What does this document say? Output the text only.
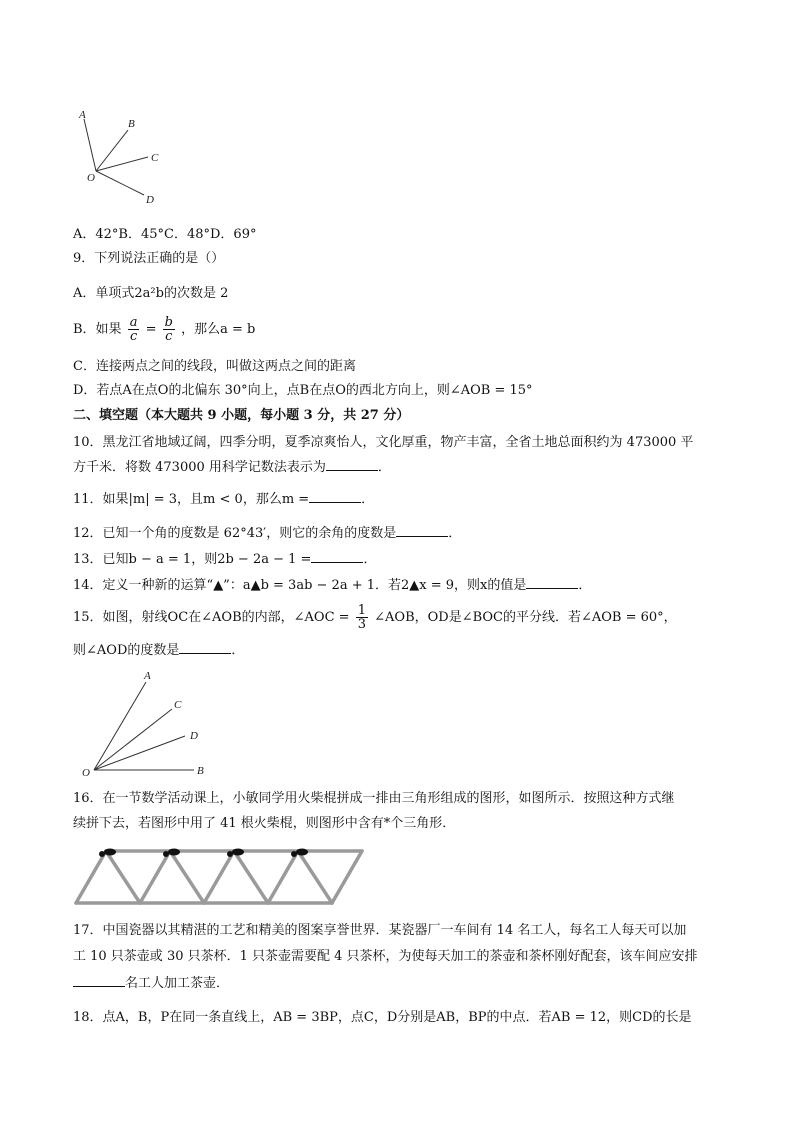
A
B
C
O
D
A．42°B．45°C．48°D．69°
9．下列说法正确的是（）
A．单项式2a²b的次数是 2
B．如果 $\frac{a}{c} = \frac{b}{c}$ ，那么a = b
C．连接两点之间的线段，叫做这两点之间的距离
D．若点A在点O的北偏东 30°向上，点B在点O的西北方向上，则∠AOB = 15°
二、填空题（本大题共 9 小题，每小题 3 分，共 27 分）
10．黑龙江省地域辽阔，四季分明，夏季凉爽怡人，文化厚重，物产丰富，全省土地总面积约为 473000 平
方千米．将数 473000 用科学记数法表示为	．
11．如果|m| = 3，且m < 0，那么m =	．
12．已知一个角的度数是 62°43′，则它的余角的度数是	．
13．已知b − a = 1，则2b − 2a − 1 =	．
14．定义一种新的运算“▲”：a▲b = 3ab − 2a + 1．若2▲x = 9，则x的值是	．
15．如图，射线OC在∠AOB的内部，∠AOC = $\frac{1}{3}$ ∠AOB，OD是∠BOC的平分线．若∠AOB = 60°，
则∠AOD的度数是	．
A
C
D
O	B
16．在一节数学活动课上，小敏同学用火柴棍拼成一排由三角形组成的图形，如图所示．按照这种方式继
续拼下去，若图形中用了 41 根火柴棍，则图形中含有*个三角形．
17．中国瓷器以其精湛的工艺和精美的图案享誉世界．某瓷器厂一车间有 14 名工人，每名工人每天可以加
工 10 只茶壶或 30 只茶杯．1 只茶壶需要配 4 只茶杯，为使每天加工的茶壶和茶杯刚好配套，该车间应安排
名工人加工茶壶．
18．点A，B，P在同一条直线上，AB = 3BP，点C，D分别是AB，BP的中点．若AB = 12，则CD的长是
